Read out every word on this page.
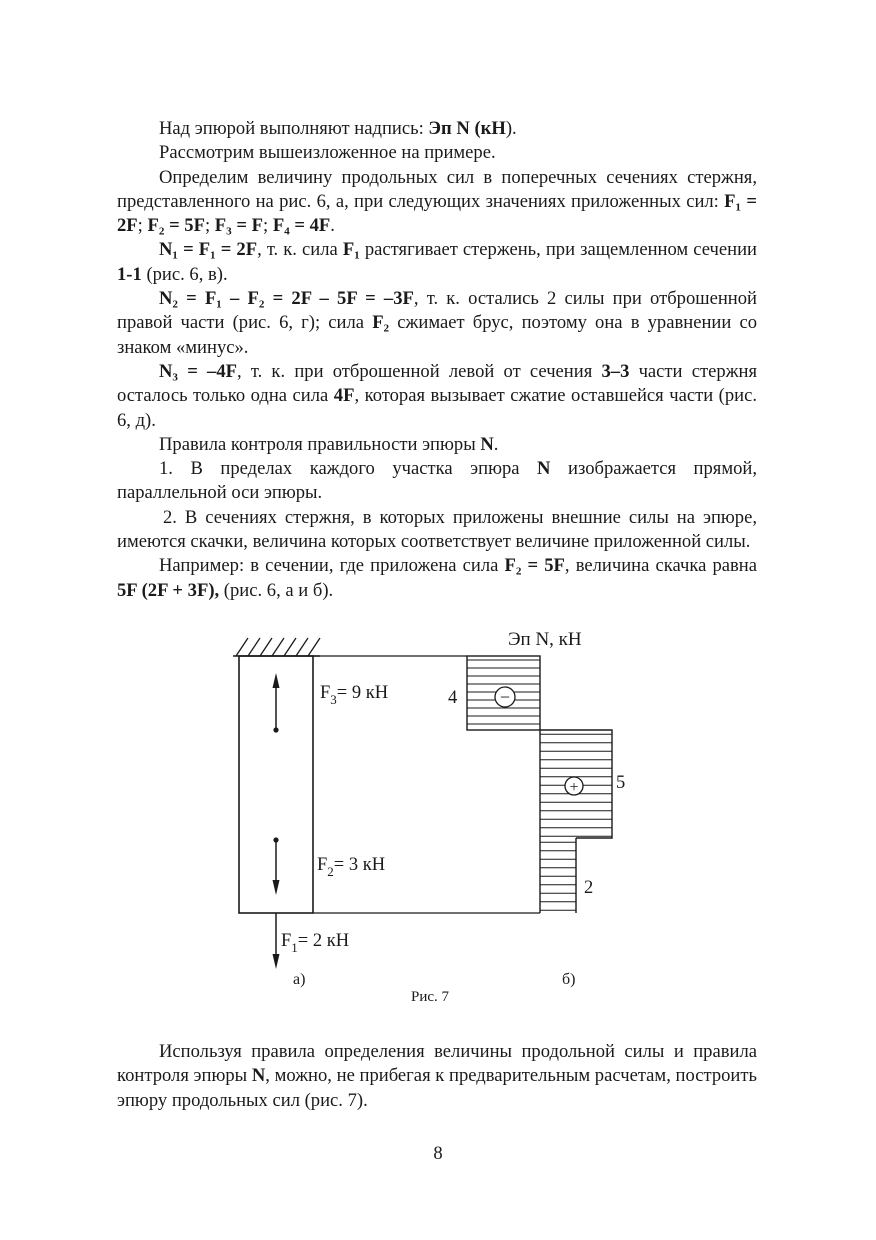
Над эпюрой выполняют надпись: Эп N (кН).

Рассмотрим вышеизложенное на примере.

Определим величину продольных сил в поперечных сечениях стержня, представленного на рис. 6, а, при следующих значениях приложенных сил: F₁ = 2F; F₂ = 5F; F₃ = F; F₄ = 4F.

N₁ = F₁ = 2F, т. к. сила F₁ растягивает стержень, при защемленном сечении 1-1 (рис. 6, в).

N₂ = F₁ – F₂ = 2F – 5F = –3F, т. к. остались 2 силы при отброшенной правой части (рис. 6, г); сила F₂ сжимает брус, поэтому она в уравнении со знаком «минус».

N₃ = –4F, т. к. при отброшенной левой от сечения 3–3 части стержня осталось только одна сила 4F, которая вызывает сжатие оставшейся части (рис. 6, д).

Правила контроля правильности эпюры N.

1. В пределах каждого участка эпюра N изображается прямой, параллельной оси эпюры.

2. В сечениях стержня, в которых приложены внешние силы на эпюре, имеются скачки, величина которых соответствует величине приложенной силы.

Например: в сечении, где приложена сила F₂ = 5F, величина скачка равна 5F (2F + 3F), (рис. 6, а и б).

−
+
Эп N, кН
$F_3= 9$ кН
$F_2= 3$ кН
$F_1= 2$ кН
4
5
2
а)	б)
Рис. 7

Используя правила определения величины продольной силы и правила контроля эпюры N, можно, не прибегая к предварительным расчетам, построить эпюру продольных сил (рис. 7).

8
